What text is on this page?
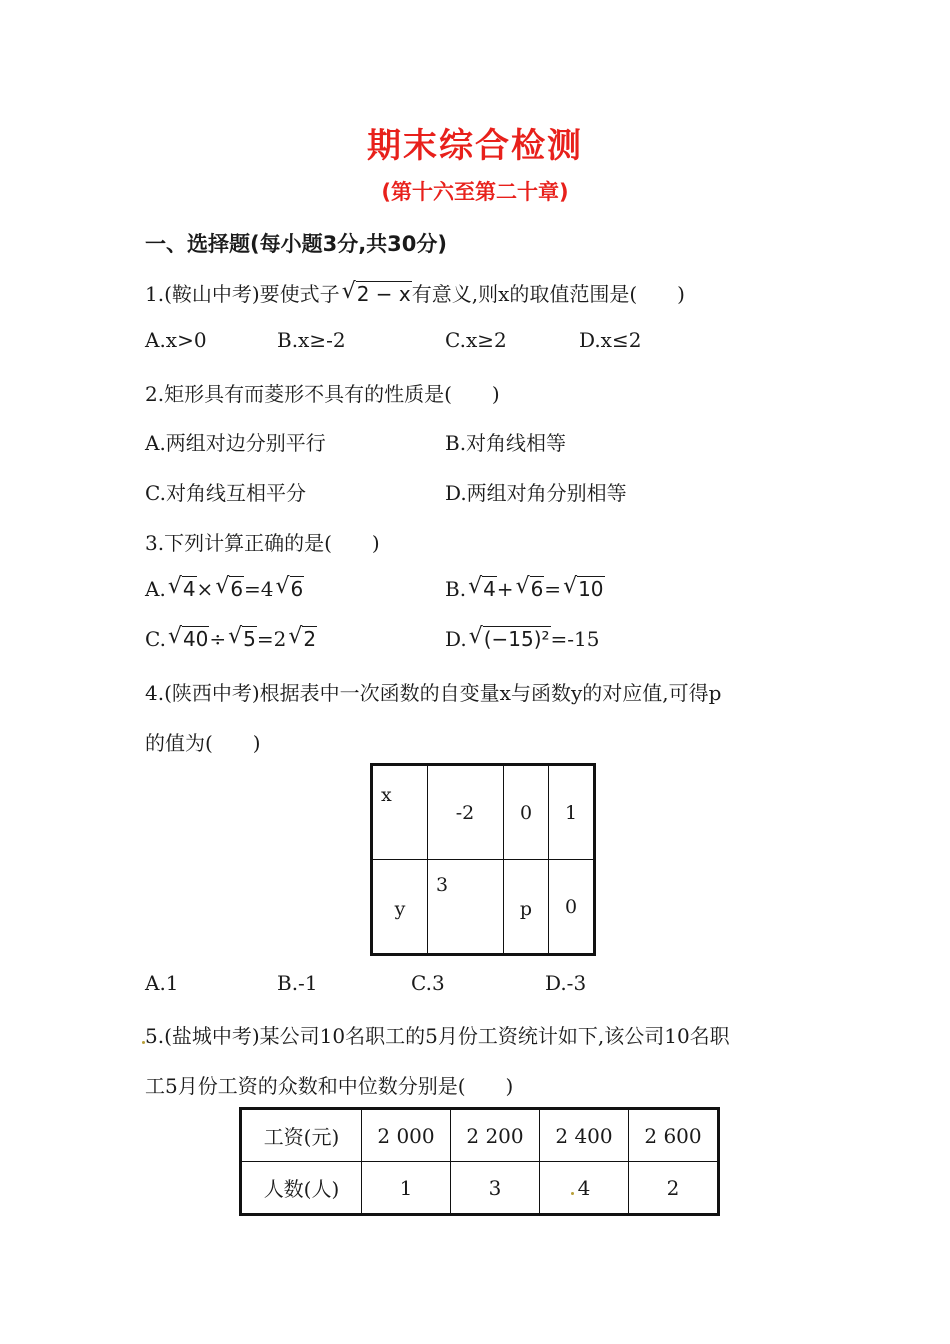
期末综合检测
(第十六至第二十章)
一、选择题(每小题3分,共30分)
1.(鞍山中考)要使式子 √ 2 − x有意义,则x的取值范围是(　　)
A.x>0	B.x≥-2	C.x≥2	D.x≤2
2.矩形具有而菱形不具有的性质是(　　)
A.两组对边分别平行	B.对角线相等
C.对角线互相平分	D.两组对角分别相等
3.下列计算正确的是(　　)
A. √ 4× √ 6=4 √ 6	B. √ 4+ √ 6= √ 10
C. √ 40÷ √ 5=2 √ 2	D. √ (−15)²=-15
4.(陕西中考)根据表中一次函数的自变量x与函数y的对应值,可得p
的值为(　　)
x	-2	0	1
y	3	p	0
A.1	B.-1	C.3	D.-3
5.(盐城中考)某公司10名职工的5月份工资统计如下,该公司10名职
工5月份工资的众数和中位数分别是(　　)
工资(元)	2 000	2 200	2 400	2 600
人数(人)	1	3	4	2
